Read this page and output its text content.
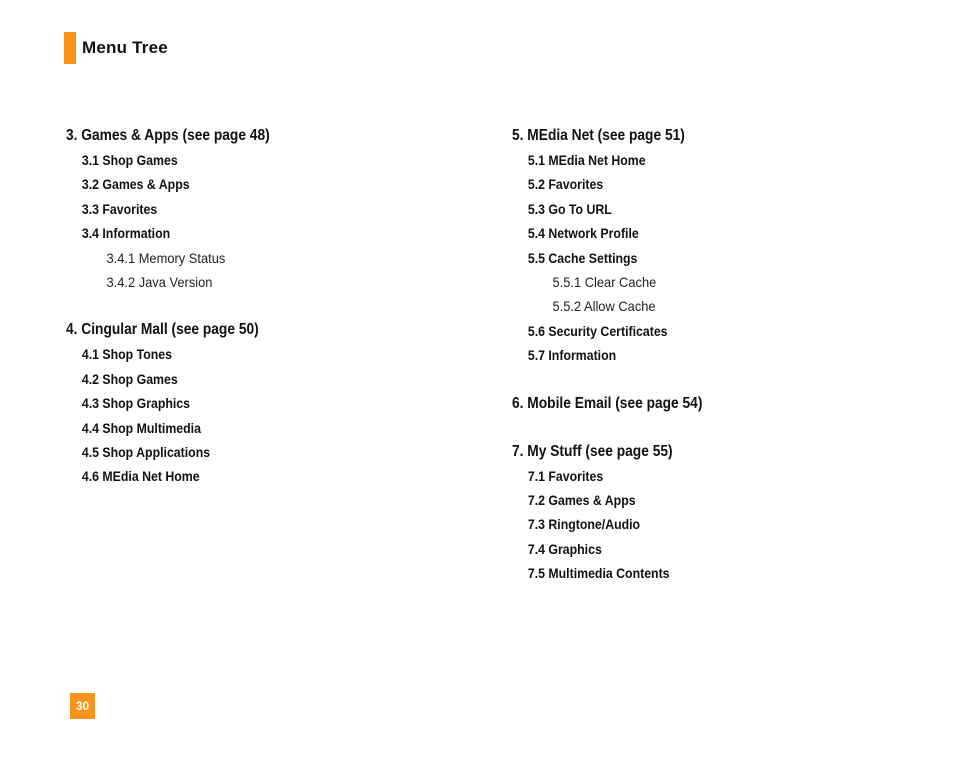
Menu Tree
3. Games & Apps (see page 48)
3.1 Shop Games
3.2 Games & Apps
3.3 Favorites
3.4 Information
3.4.1 Memory Status
3.4.2 Java Version
4. Cingular Mall (see page 50)
4.1 Shop Tones
4.2 Shop Games
4.3 Shop Graphics
4.4 Shop Multimedia
4.5 Shop Applications
4.6 MEdia Net Home
5. MEdia Net (see page 51)
5.1 MEdia Net Home
5.2 Favorites
5.3 Go To URL
5.4 Network Profile
5.5 Cache Settings
5.5.1 Clear Cache
5.5.2 Allow Cache
5.6 Security Certificates
5.7 Information
6. Mobile Email (see page 54)
7. My Stuff (see page 55)
7.1 Favorites
7.2 Games & Apps
7.3 Ringtone/Audio
7.4 Graphics
7.5 Multimedia Contents
30
